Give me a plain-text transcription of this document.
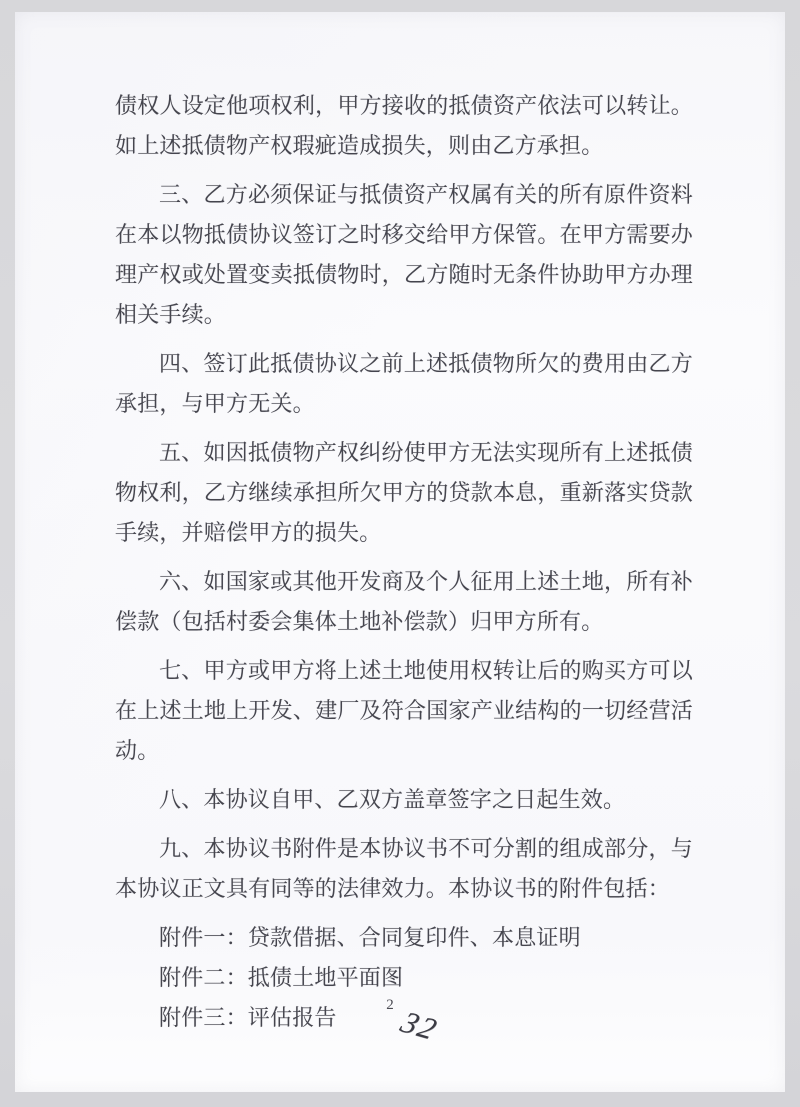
债权人设定他项权利，甲方接收的抵债资产依法可以转让。如上述抵债物产权瑕疵造成损失，则由乙方承担。

三、乙方必须保证与抵债资产权属有关的所有原件资料在本以物抵债协议签订之时移交给甲方保管。在甲方需要办理产权或处置变卖抵债物时，乙方随时无条件协助甲方办理相关手续。

四、签订此抵债协议之前上述抵债物所欠的费用由乙方承担，与甲方无关。

五、如因抵债物产权纠纷使甲方无法实现所有上述抵债物权利，乙方继续承担所欠甲方的贷款本息，重新落实贷款手续，并赔偿甲方的损失。

六、如国家或其他开发商及个人征用上述土地，所有补偿款（包括村委会集体土地补偿款）归甲方所有。

七、甲方或甲方将上述土地使用权转让后的购买方可以在上述土地上开发、建厂及符合国家产业结构的一切经营活动。

八、本协议自甲、乙双方盖章签字之日起生效。

九、本协议书附件是本协议书不可分割的组成部分，与本协议正文具有同等的法律效力。本协议书的附件包括：

附件一：贷款借据、合同复印件、本息证明

附件二：抵债土地平面图

附件三：评估报告	2 32
